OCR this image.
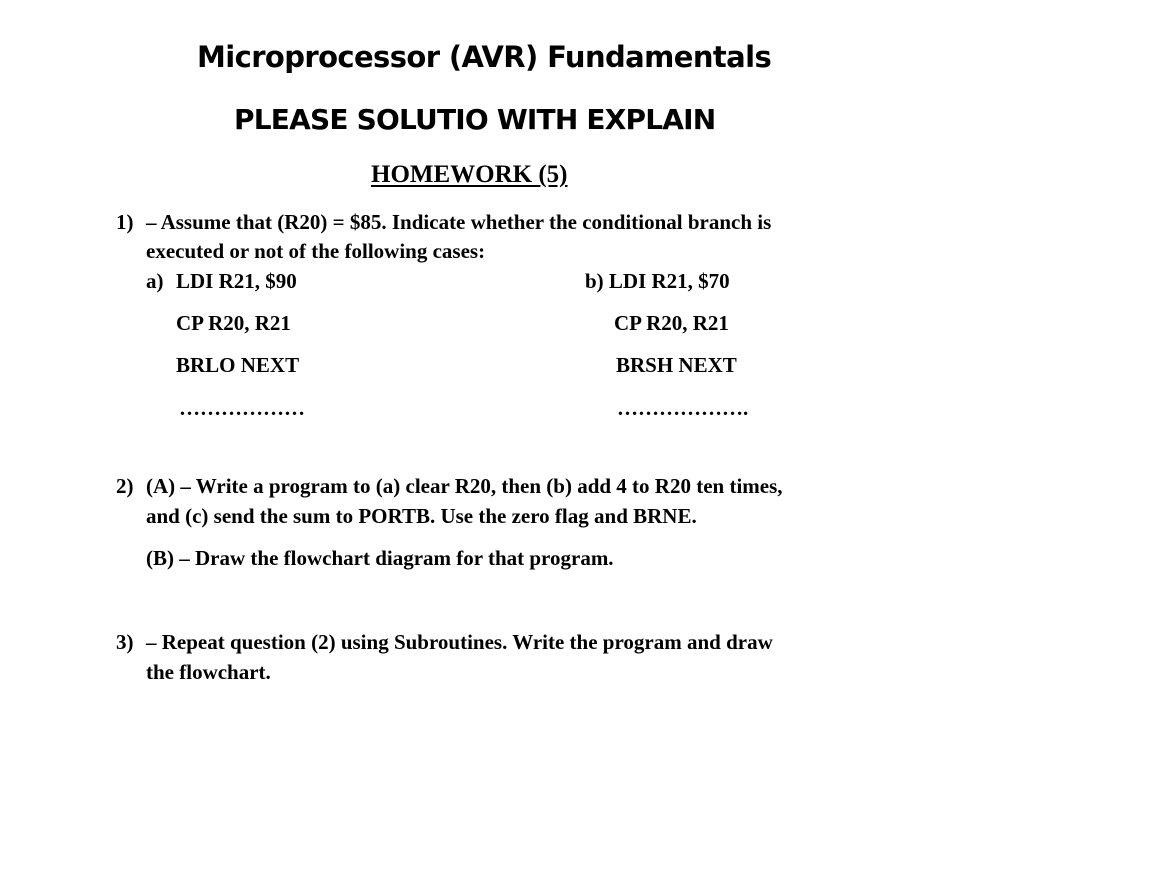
Microprocessor (AVR) Fundamentals
PLEASE SOLUTIO WITH EXPLAIN
HOMEWORK (5)
1) – Assume that (R20) = $85. Indicate whether the conditional branch is
executed or not of the following cases:
a) LDI R21, $90
CP R20, R21
BRLO NEXT
………………
b) LDI R21, $70
CP R20, R21
BRSH NEXT
……………….
2) (A) – Write a program to (a) clear R20, then (b) add 4 to R20 ten times,
and (c) send the sum to PORTB. Use the zero flag and BRNE.
(B) – Draw the flowchart diagram for that program.
3) – Repeat question (2) using Subroutines. Write the program and draw
the flowchart.
